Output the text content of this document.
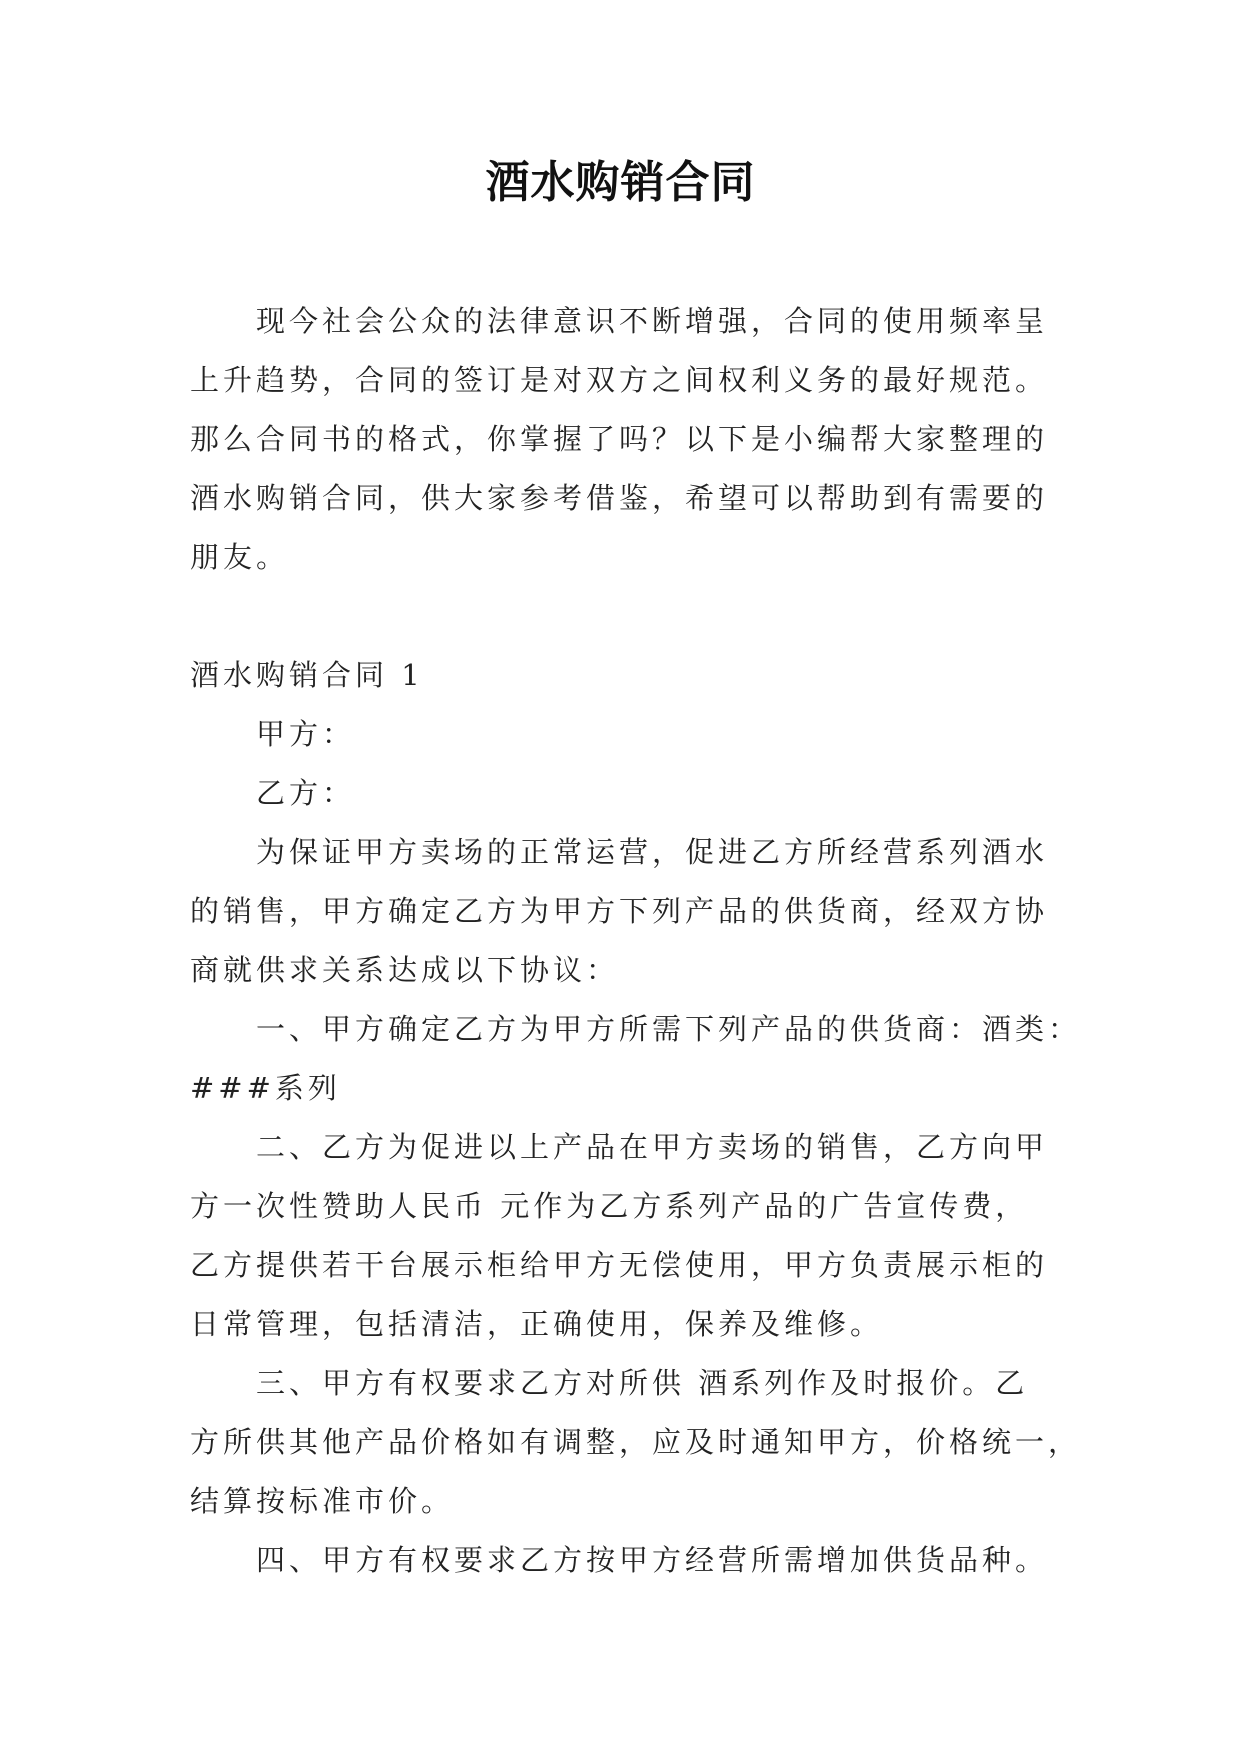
酒水购销合同
现今社会公众的法律意识不断增强，合同的使用频率呈
上升趋势，合同的签订是对双方之间权利义务的最好规范。
那么合同书的格式，你掌握了吗？以下是小编帮大家整理的
酒水购销合同，供大家参考借鉴，希望可以帮助到有需要的
朋友。
酒水购销合同 1
甲方：
乙方：
为保证甲方卖场的正常运营，促进乙方所经营系列酒水
的销售，甲方确定乙方为甲方下列产品的供货商，经双方协
商就供求关系达成以下协议：
一、甲方确定乙方为甲方所需下列产品的供货商：酒类：
###系列
二、乙方为促进以上产品在甲方卖场的销售，乙方向甲
方一次性赞助人民币 元作为乙方系列产品的广告宣传费，
乙方提供若干台展示柜给甲方无偿使用，甲方负责展示柜的
日常管理，包括清洁，正确使用，保养及维修。
三、甲方有权要求乙方对所供 酒系列作及时报价。乙
方所供其他产品价格如有调整，应及时通知甲方，价格统一，
结算按标准市价。
四、甲方有权要求乙方按甲方经营所需增加供货品种。
